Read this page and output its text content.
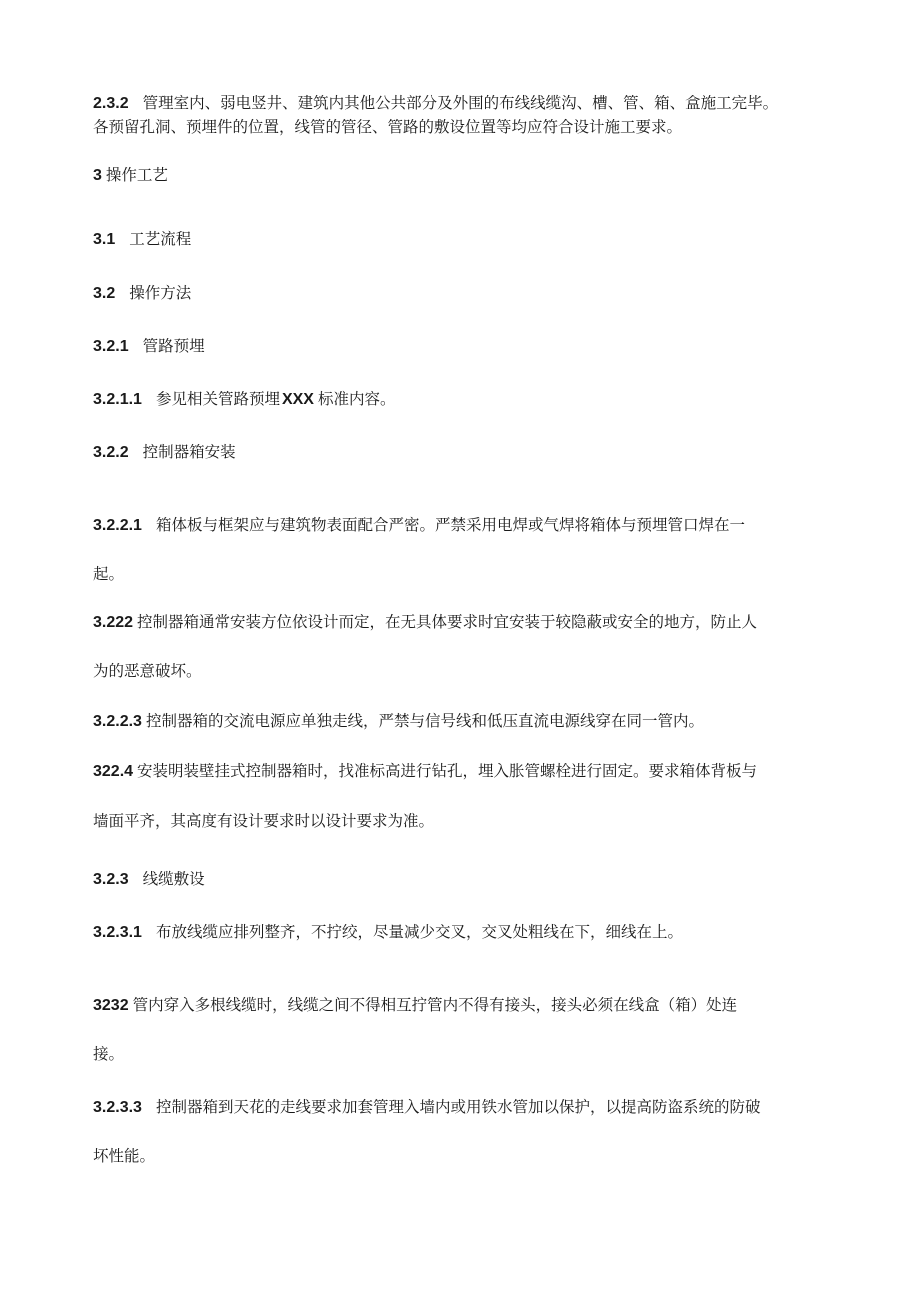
2.3.2 管理室内、弱电竖井、建筑内其他公共部分及外围的布线线缆沟、槽、管、箱、盒施工完毕。
各预留孔洞、预埋件的位置，线管的管径、管路的敷设位置等均应符合设计施工要求。
3 操作工艺
3.1 工艺流程
3.2 操作方法
3.2.1 管路预埋
3.2.1.1 参见相关管路预埋 XXX 标准内容。
3.2.2 控制器箱安装
3.2.2.1 箱体板与框架应与建筑物表面配合严密。严禁采用电焊或气焊将箱体与预埋管口焊在一
起。
3.222 控制器箱通常安装方位依设计而定，在无具体要求时宜安装于较隐蔽或安全的地方，防止人
为的恶意破坏。
3.2.2.3 控制器箱的交流电源应单独走线，严禁与信号线和低压直流电源线穿在同一管内。
322.4 安装明装壁挂式控制器箱时，找准标高进行钻孔，埋入胀管螺栓进行固定。要求箱体背板与
墙面平齐，其高度有设计要求时以设计要求为准。
3.2.3 线缆敷设
3.2.3.1 布放线缆应排列整齐，不拧绞，尽量减少交叉，交叉处粗线在下，细线在上。
3232 管内穿入多根线缆时，线缆之间不得相互拧管内不得有接头，接头必须在线盒（箱）处连
接。
3.2.3.3 控制器箱到天花的走线要求加套管理入墙内或用铁水管加以保护，以提高防盗系统的防破
坏性能。
